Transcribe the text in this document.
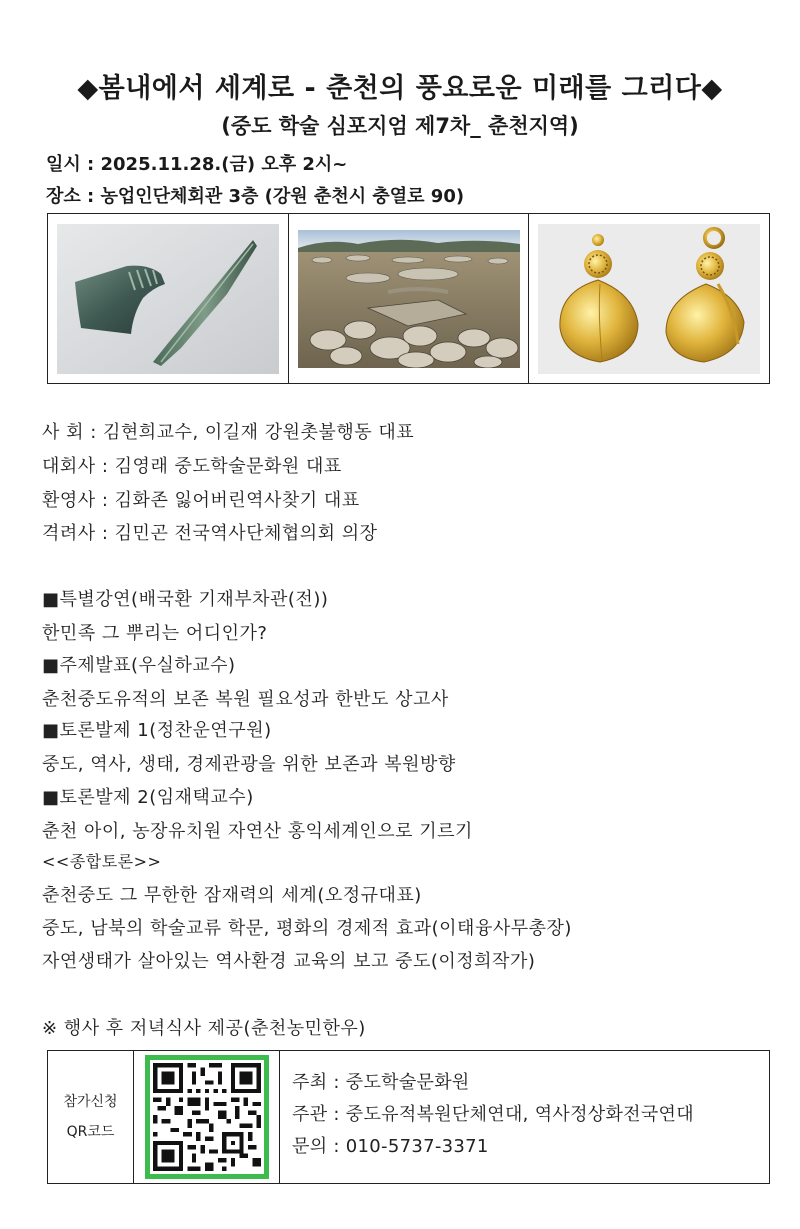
◆봄내에서 세계로 - 춘천의 풍요로운 미래를 그리다◆
(중도 학술 심포지엄 제7차_ 춘천지역)
일시 : 2025.11.28.(금) 오후 2시~
장소 : 농업인단체회관 3층 (강원 춘천시 충열로 90)
사 회 : 김현희교수, 이길재 강원촛불행동 대표
대회사 : 김영래 중도학술문화원 대표
환영사 : 김화존 잃어버린역사찾기 대표
격려사 : 김민곤 전국역사단체협의회 의장
■특별강연(배국환 기재부차관(전))
한민족 그 뿌리는 어디인가?
■주제발표(우실하교수)
춘천중도유적의 보존 복원 필요성과 한반도 상고사
■토론발제 1(정찬운연구원)
중도, 역사, 생태, 경제관광을 위한 보존과 복원방향
■토론발제 2(임재택교수)
춘천 아이, 농장유치원 자연산 홍익세계인으로 기르기
<<종합토론>>
춘천중도 그 무한한 잠재력의 세계(오정규대표)
중도, 남북의 학술교류 학문, 평화의 경제적 효과(이태융사무총장)
자연생태가 살아있는 역사환경 교육의 보고 중도(이정희작가)
※ 행사 후 저녁식사 제공(춘천농민한우)
참가신청
QR코드
주최 : 중도학술문화원
주관 : 중도유적복원단체연대, 역사정상화전국연대
문의 : 010-5737-3371
